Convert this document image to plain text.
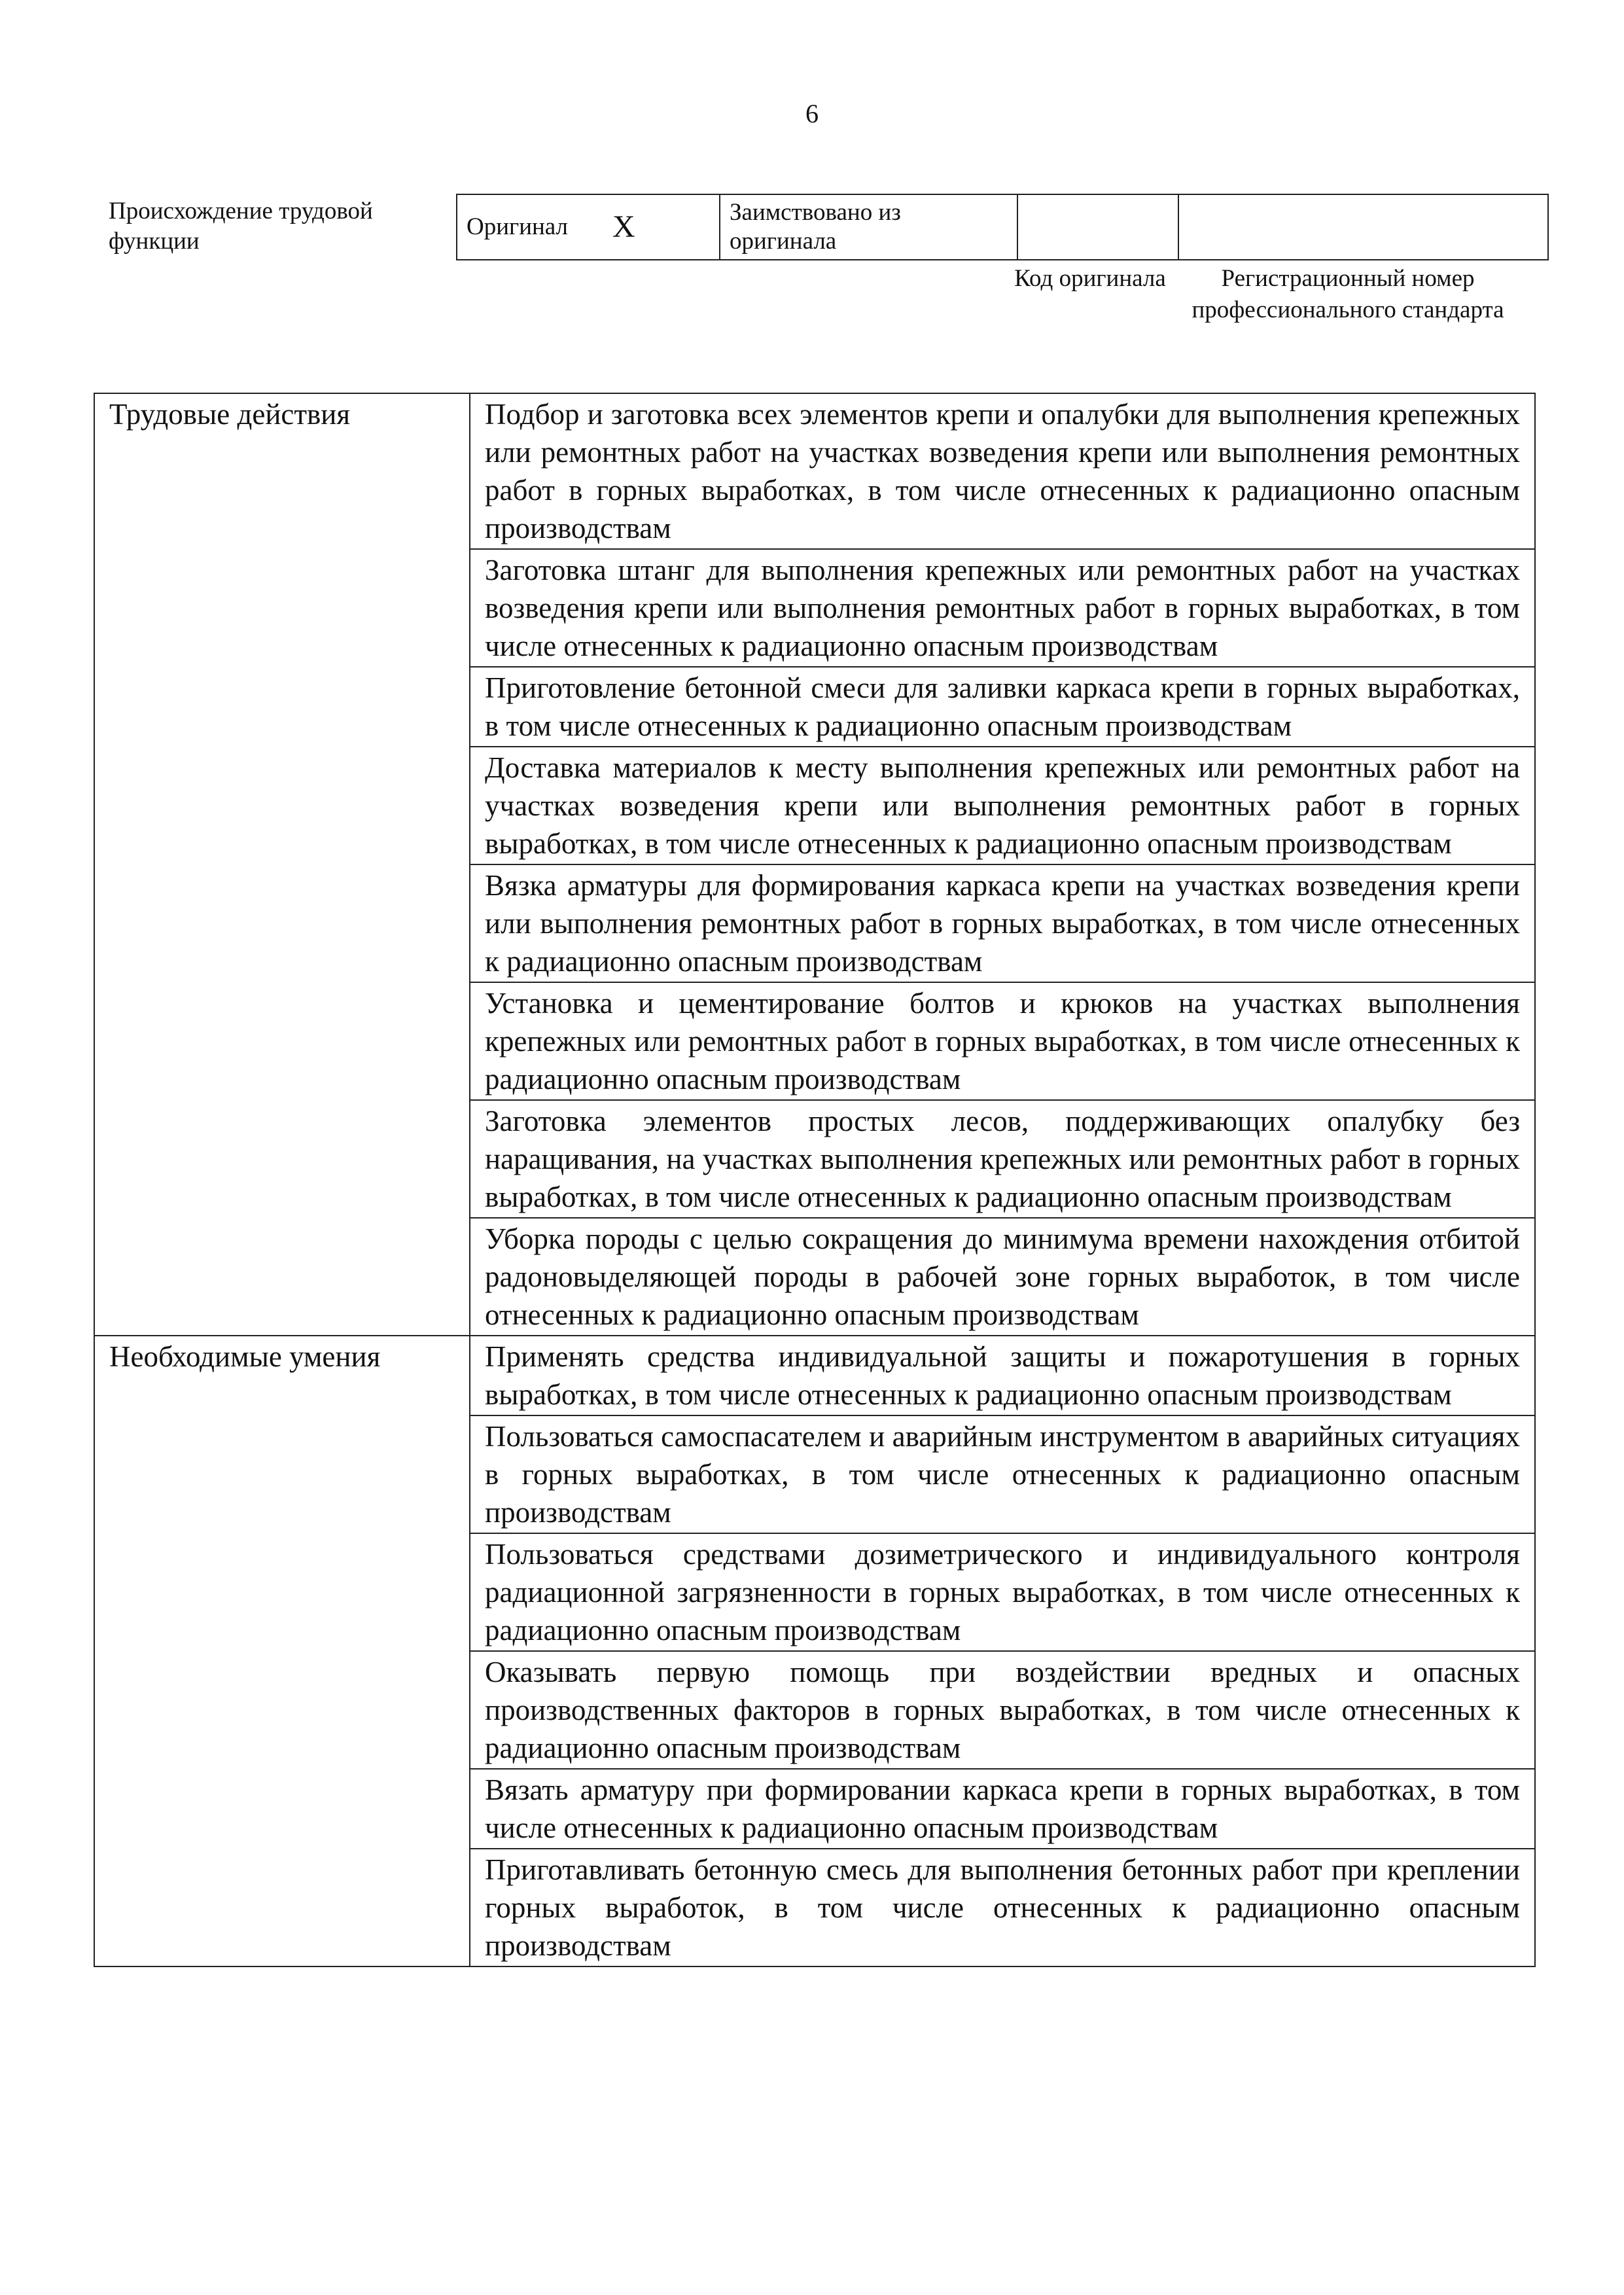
6
Происхождение трудовой функции
Оригинал X	Заимствовано из оригинала		
Код оригинала	Регистрационный номер профессионального стандарта
Трудовые действия	Подбор и заготовка всех элементов крепи и опалубки для выполнения крепежных или ремонтных работ на участках возведения крепи или выполнения ремонтных работ в горных выработках, в том числе отнесенных к радиационно опасным производствам
	Заготовка штанг для выполнения крепежных или ремонтных работ на участках возведения крепи или выполнения ремонтных работ в горных выработках, в том числе отнесенных к радиационно опасным производствам
	Приготовление бетонной смеси для заливки каркаса крепи в горных выработках, в том числе отнесенных к радиационно опасным производствам
	Доставка материалов к месту выполнения крепежных или ремонтных работ на участках возведения крепи или выполнения ремонтных работ в горных выработках, в том числе отнесенных к радиационно опасным производствам
	Вязка арматуры для формирования каркаса крепи на участках возведения крепи или выполнения ремонтных работ в горных выработках, в том числе отнесенных к радиационно опасным производствам
	Установка и цементирование болтов и крюков на участках выполнения крепежных или ремонтных работ в горных выработках, в том числе отнесенных к радиационно опасным производствам
	Заготовка элементов простых лесов, поддерживающих опалубку без наращивания, на участках выполнения крепежных или ремонтных работ в горных выработках, в том числе отнесенных к радиационно опасным производствам
	Уборка породы с целью сокращения до минимума времени нахождения отбитой радоновыделяющей породы в рабочей зоне горных выработок, в том числе отнесенных к радиационно опасным производствам
Необходимые умения	Применять средства индивидуальной защиты и пожаротушения в горных выработках, в том числе отнесенных к радиационно опасным производствам
	Пользоваться самоспасателем и аварийным инструментом в аварийных ситуациях в горных выработках, в том числе отнесенных к радиационно опасным производствам
	Пользоваться средствами дозиметрического и индивидуального контроля радиационной загрязненности в горных выработках, в том числе отнесенных к радиационно опасным производствам
	Оказывать первую помощь при воздействии вредных и опасных производственных факторов в горных выработках, в том числе отнесенных к радиационно опасным производствам
	Вязать арматуру при формировании каркаса крепи в горных выработках, в том числе отнесенных к радиационно опасным производствам
	Приготавливать бетонную смесь для выполнения бетонных работ при креплении горных выработок, в том числе отнесенных к радиационно опасным производствам
